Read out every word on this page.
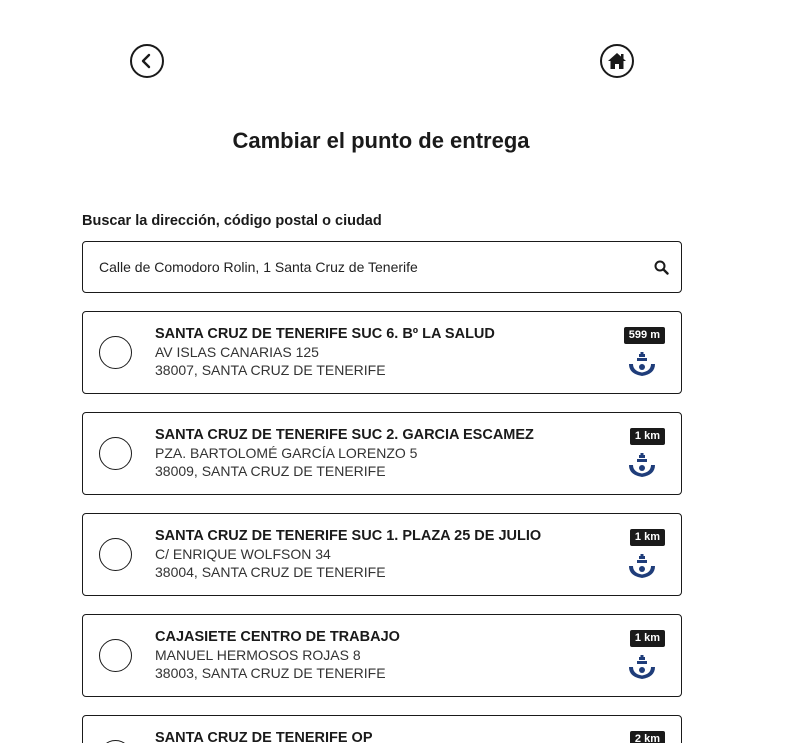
Cambiar el punto de entrega
Buscar la dirección, código postal o ciudad
Calle de Comodoro Rolin, 1 Santa Cruz de Tenerife
SANTA CRUZ DE TENERIFE SUC 6. Bº LA SALUD
AV ISLAS CANARIAS 125
38007, SANTA CRUZ DE TENERIFE
599 m
SANTA CRUZ DE TENERIFE SUC 2. GARCIA ESCAMEZ
PZA. BARTOLOMÉ GARCÍA LORENZO 5
38009, SANTA CRUZ DE TENERIFE
1 km
SANTA CRUZ DE TENERIFE SUC 1. PLAZA 25 DE JULIO
C/ ENRIQUE WOLFSON 34
38004, SANTA CRUZ DE TENERIFE
1 km
CAJASIETE CENTRO DE TRABAJO
MANUEL HERMOSOS ROJAS 8
38003, SANTA CRUZ DE TENERIFE
1 km
SANTA CRUZ DE TENERIFE OP	2 km
